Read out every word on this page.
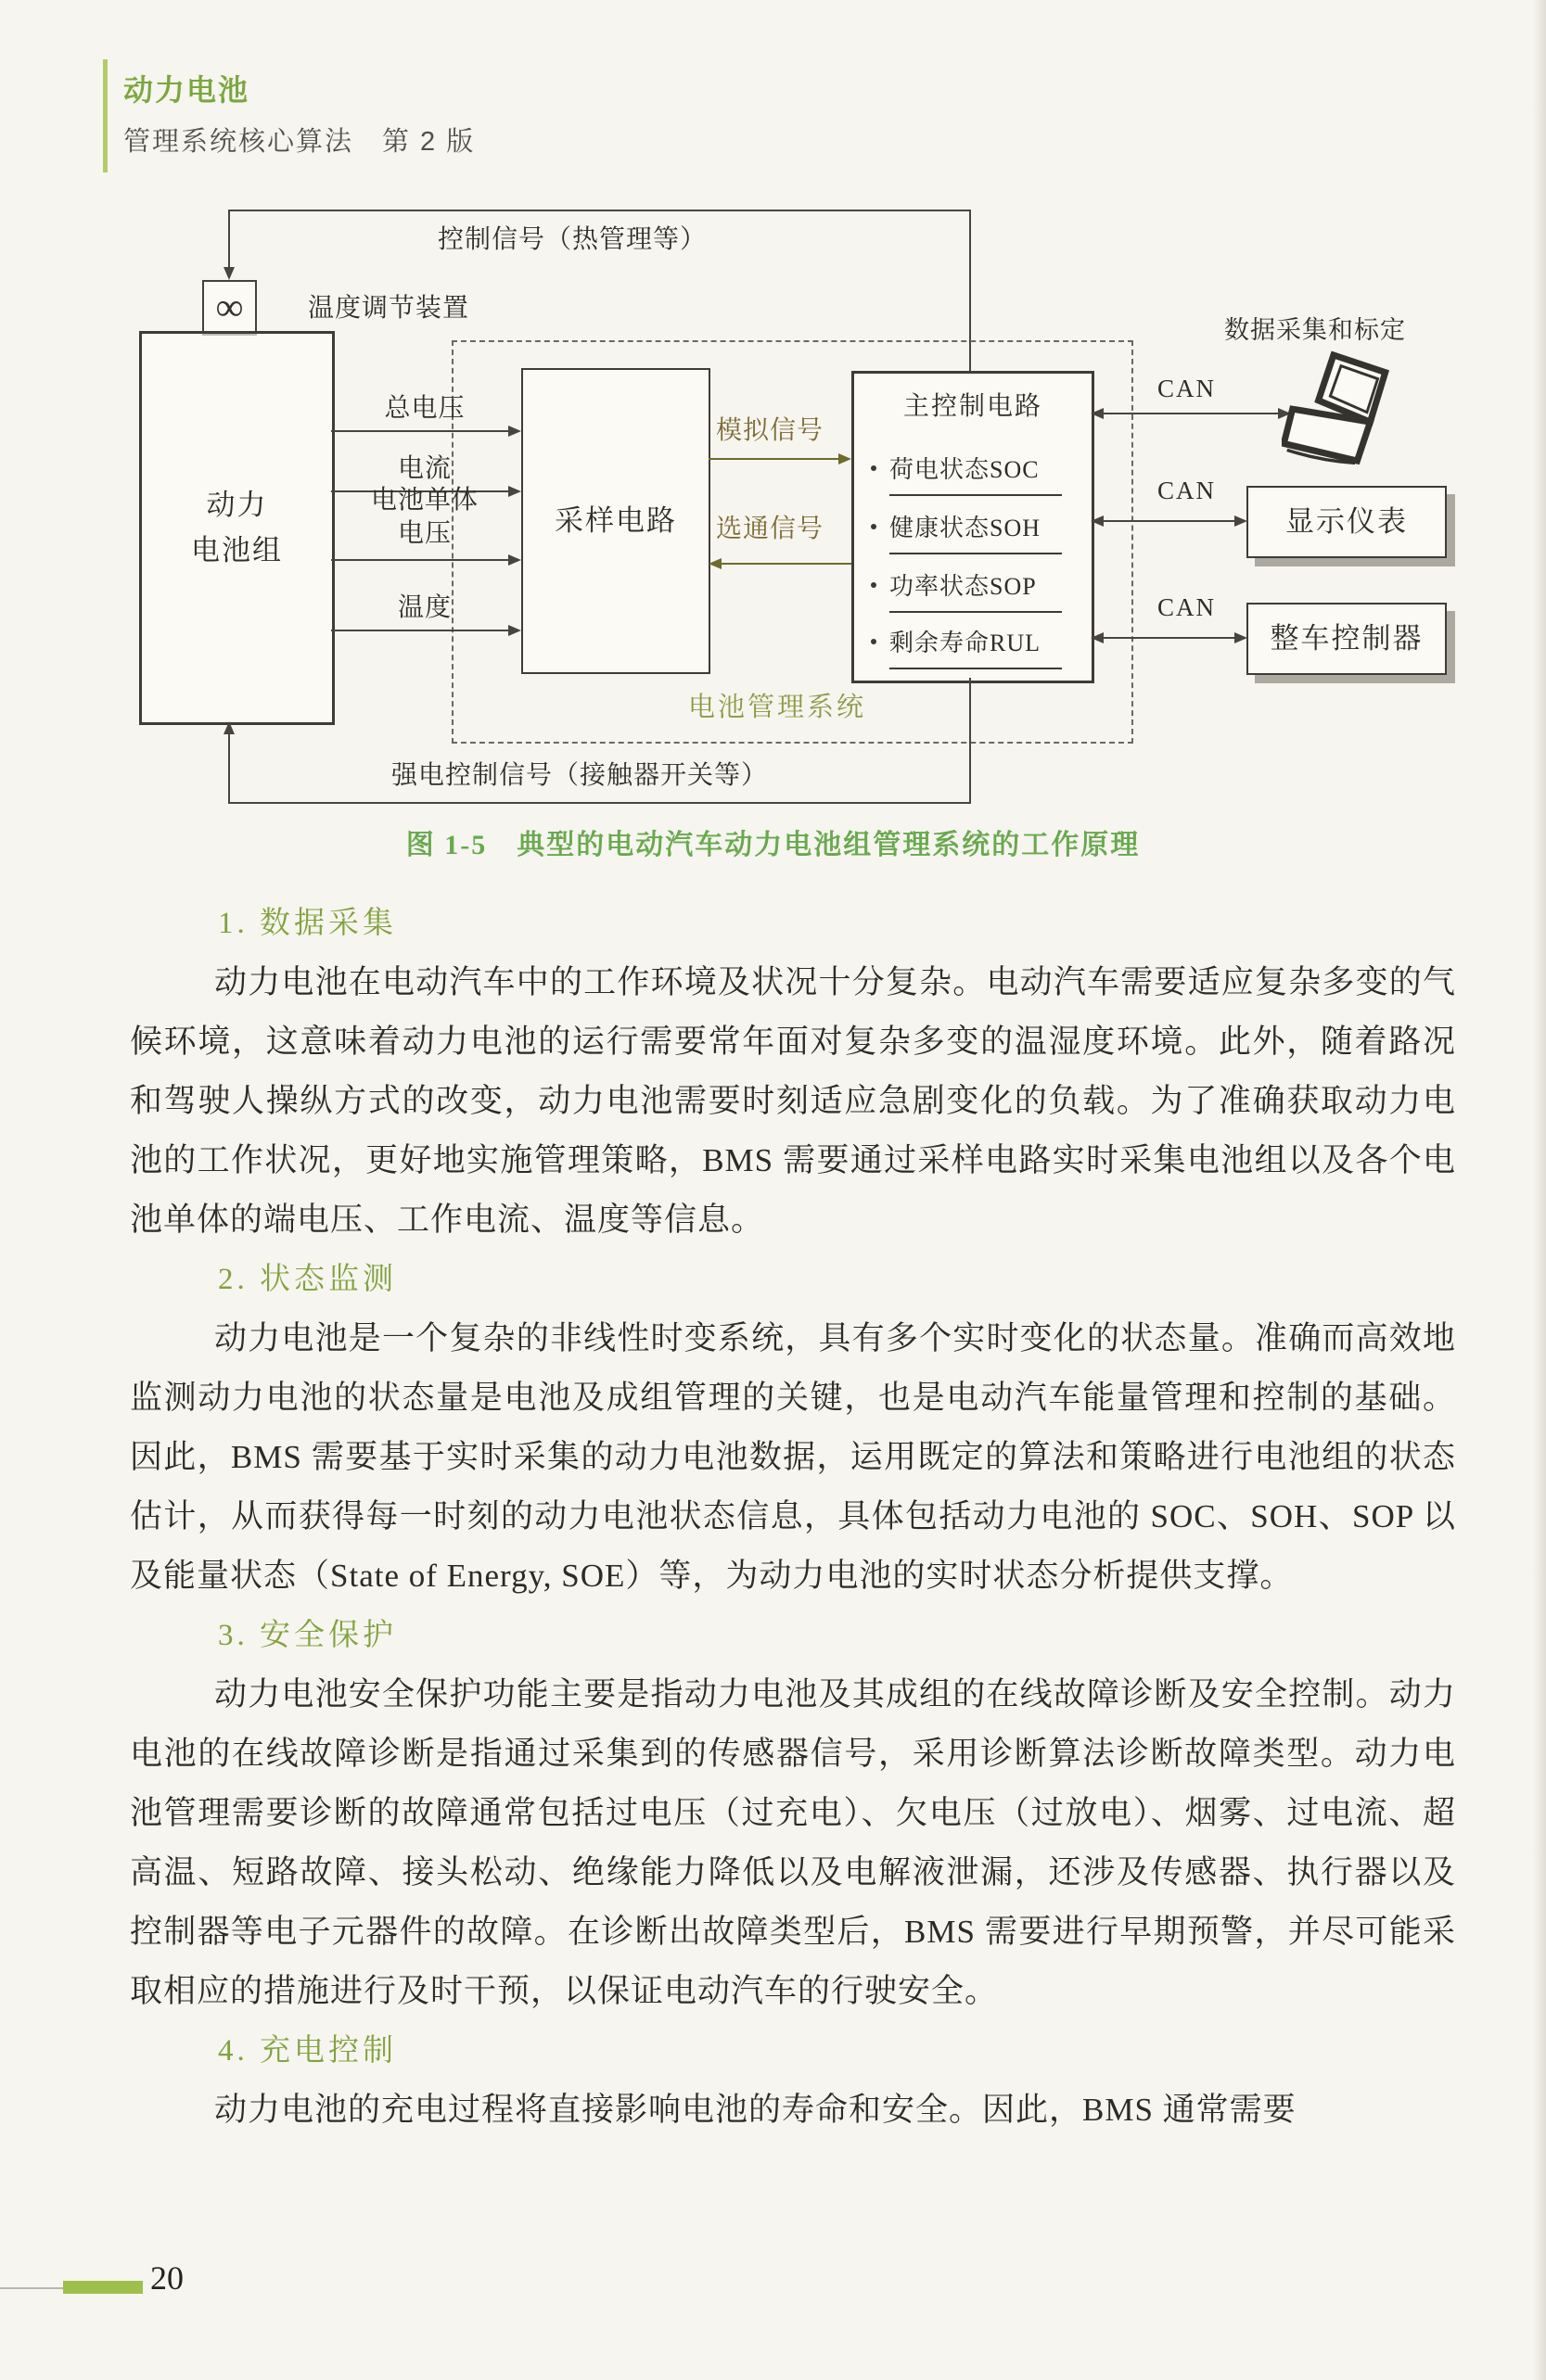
动力电池
管理系统核心算法　第 2 版
控制信号（热管理等）
∞ 温度调节装置
动力
电池组
电池管理系统
采样电路
总电压
电流
电池单体
电压
温度
模拟信号
选通信号
主控制电路
荷电状态SOC
健康状态SOH
功率状态SOP
剩余寿命RUL
CAN
数据采集和标定
CAN
显示仪表
CAN
整车控制器
强电控制信号（接触器开关等）
图 1-5　典型的电动汽车动力电池组管理系统的工作原理
1. 数据采集

动力电池在电动汽车中的工作环境及状况十分复杂。电动汽车需要适应复杂多变的气候环境，这意味着动力电池的运行需要常年面对复杂多变的温湿度环境。此外，随着路况和驾驶人操纵方式的改变，动力电池需要时刻适应急剧变化的负载。为了准确获取动力电池的工作状况，更好地实施管理策略，BMS 需要通过采样电路实时采集电池组以及各个电池单体的端电压、工作电流、温度等信息。

2. 状态监测

动力电池是一个复杂的非线性时变系统，具有多个实时变化的状态量。准确而高效地监测动力电池的状态量是电池及成组管理的关键，也是电动汽车能量管理和控制的基础。因此，BMS 需要基于实时采集的动力电池数据，运用既定的算法和策略进行电池组的状态估计，从而获得每一时刻的动力电池状态信息，具体包括动力电池的 SOC、SOH、SOP 以及能量状态（State of Energy, SOE）等，为动力电池的实时状态分析提供支撑。

3. 安全保护

动力电池安全保护功能主要是指动力电池及其成组的在线故障诊断及安全控制。动力电池的在线故障诊断是指通过采集到的传感器信号，采用诊断算法诊断故障类型。动力电池管理需要诊断的故障通常包括过电压（过充电）、欠电压（过放电）、烟雾、过电流、超高温、短路故障、接头松动、绝缘能力降低以及电解液泄漏，还涉及传感器、执行器以及控制器等电子元器件的故障。在诊断出故障类型后，BMS 需要进行早期预警，并尽可能采取相应的措施进行及时干预，以保证电动汽车的行驶安全。

4. 充电控制

动力电池的充电过程将直接影响电池的寿命和安全。因此，BMS 通常需要

20
